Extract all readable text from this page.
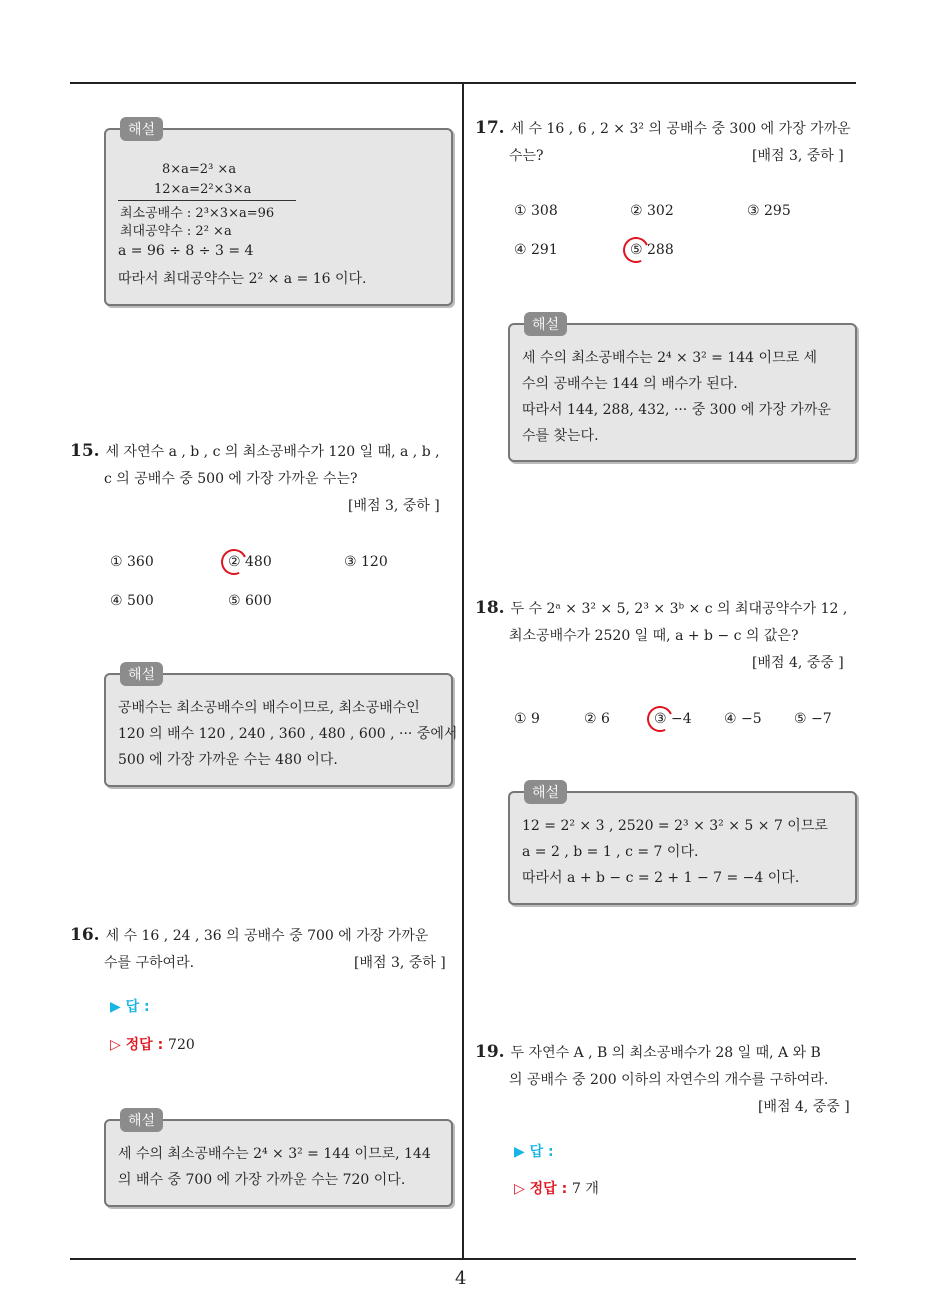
4
해설
8×a=2³ ×a
12×a=2²×3×a
최소공배수 : 2³×3×a=96
최대공약수 : 2² ×a
a = 96 ÷ 8 ÷ 3 = 4
따라서 최대공약수는 2² × a = 16 이다.
15. 세 자연수 a , b , c 의 최소공배수가 120 일 때, a , b ,
c 의 공배수 중 500 에 가장 가까운 수는?
[배점 3, 중하 ]
① 360	② 480	③ 120
④ 500	⑤ 600
해설
공배수는 최소공배수의 배수이므로, 최소공배수인
120 의 배수 120 , 240 , 360 , 480 , 600 , ··· 중에서
500 에 가장 가까운 수는 480 이다.
16. 세 수 16 , 24 , 36 의 공배수 중 700 에 가장 가까운
수를 구하여라.	[배점 3, 중하 ]
▶ 답 :
▷ 정답 : 720
해설
세 수의 최소공배수는 2⁴ × 3² = 144 이므로, 144
의 배수 중 700 에 가장 가까운 수는 720 이다.
17. 세 수 16 , 6 , 2 × 3² 의 공배수 중 300 에 가장 가까운
수는?	[배점 3, 중하 ]
① 308	② 302	③ 295
④ 291	⑤ 288
해설
세 수의 최소공배수는 2⁴ × 3² = 144 이므로 세
수의 공배수는 144 의 배수가 된다.
따라서 144, 288, 432, ··· 중 300 에 가장 가까운
수를 찾는다.
18. 두 수 2ᵃ × 3² × 5, 2³ × 3ᵇ × c 의 최대공약수가 12 ,
최소공배수가 2520 일 때, a + b − c 의 값은?
[배점 4, 중중 ]
① 9	② 6	③ −4 ④ −5 ⑤ −7
해설
12 = 2² × 3 , 2520 = 2³ × 3² × 5 × 7 이므로
a = 2 , b = 1 , c = 7 이다.
따라서 a + b − c = 2 + 1 − 7 = −4 이다.
19. 두 자연수 A , B 의 최소공배수가 28 일 때, A 와 B
의 공배수 중 200 이하의 자연수의 개수를 구하여라.
[배점 4, 중중 ]
▶ 답 :
▷ 정답 : 7 개
